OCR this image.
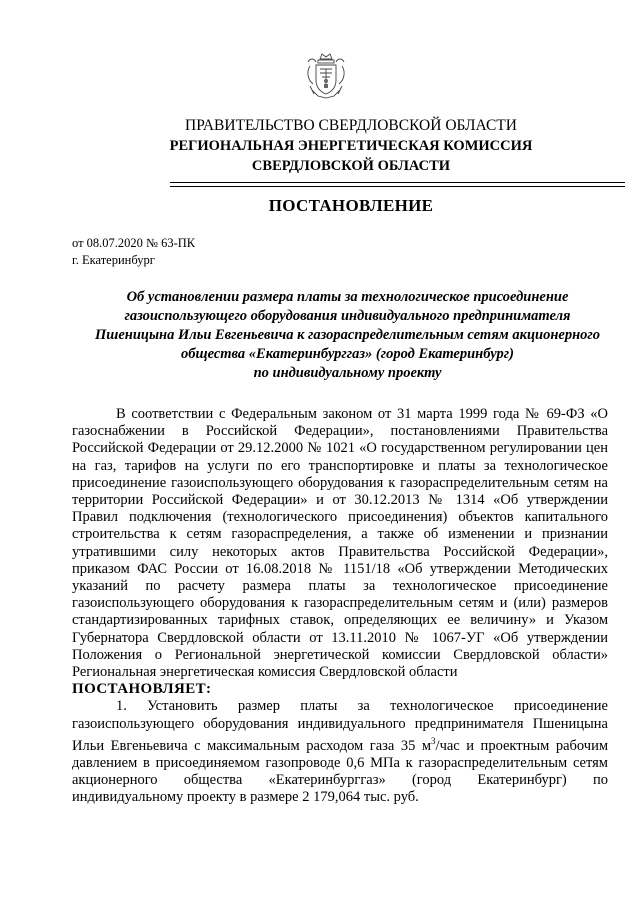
ПРАВИТЕЛЬСТВО СВЕРДЛОВСКОЙ ОБЛАСТИ
РЕГИОНАЛЬНАЯ ЭНЕРГЕТИЧЕСКАЯ КОМИССИЯ
СВЕРДЛОВСКОЙ ОБЛАСТИ
ПОСТАНОВЛЕНИЕ
от 08.07.2020 № 63-ПК
г. Екатеринбург
Об установлении размера платы за технологическое присоединение
газоиспользующего оборудования индивидуального предпринимателя
Пшеницына Ильи Евгеньевича к газораспределительным сетям акционерного
общества «Екатеринбурггаз» (город Екатеринбург)
по индивидуальному проекту

В соответствии с Федеральным законом от 31 марта 1999 года № 69-ФЗ «О газоснабжении в Российской Федерации», постановлениями Правительства Российской Федерации от 29.12.2000 № 1021 «О государственном регулировании цен на газ, тарифов на услуги по его транспортировке и платы за технологическое присоединение газоиспользующего оборудования к газораспределительным сетям на территории Российской Федерации» и от 30.12.2013 № 1314 «Об утверждении Правил подключения (технологического присоединения) объектов капитального строительства к сетям газораспределения, а также об изменении и признании утратившими силу некоторых актов Правительства Российской Федерации», приказом ФАС России от 16.08.2018 № 1151/18 «Об утверждении Методических указаний по расчету размера платы за технологическое присоединение газоиспользующего оборудования к газораспределительным сетям и (или) размеров стандартизированных тарифных ставок, определяющих ее величину» и Указом Губернатора Свердловской области от 13.11.2010 № 1067-УГ «Об утверждении Положения о Региональной энергетической комиссии Свердловской области» Региональная энергетическая комиссия Свердловской области

ПОСТАНОВЛЯЕТ:

1. Установить размер платы за технологическое присоединение газоиспользующего оборудования индивидуального предпринимателя Пшеницына Ильи Евгеньевича с максимальным расходом газа 35 $м^3$/час и проектным рабочим давлением в присоединяемом газопроводе 0,6 МПа к газораспределительным сетям акционерного общества «Екатеринбурггаз» (город Екатеринбург) по индивидуальному проекту в размере 2 179,064 тыс. руб.
